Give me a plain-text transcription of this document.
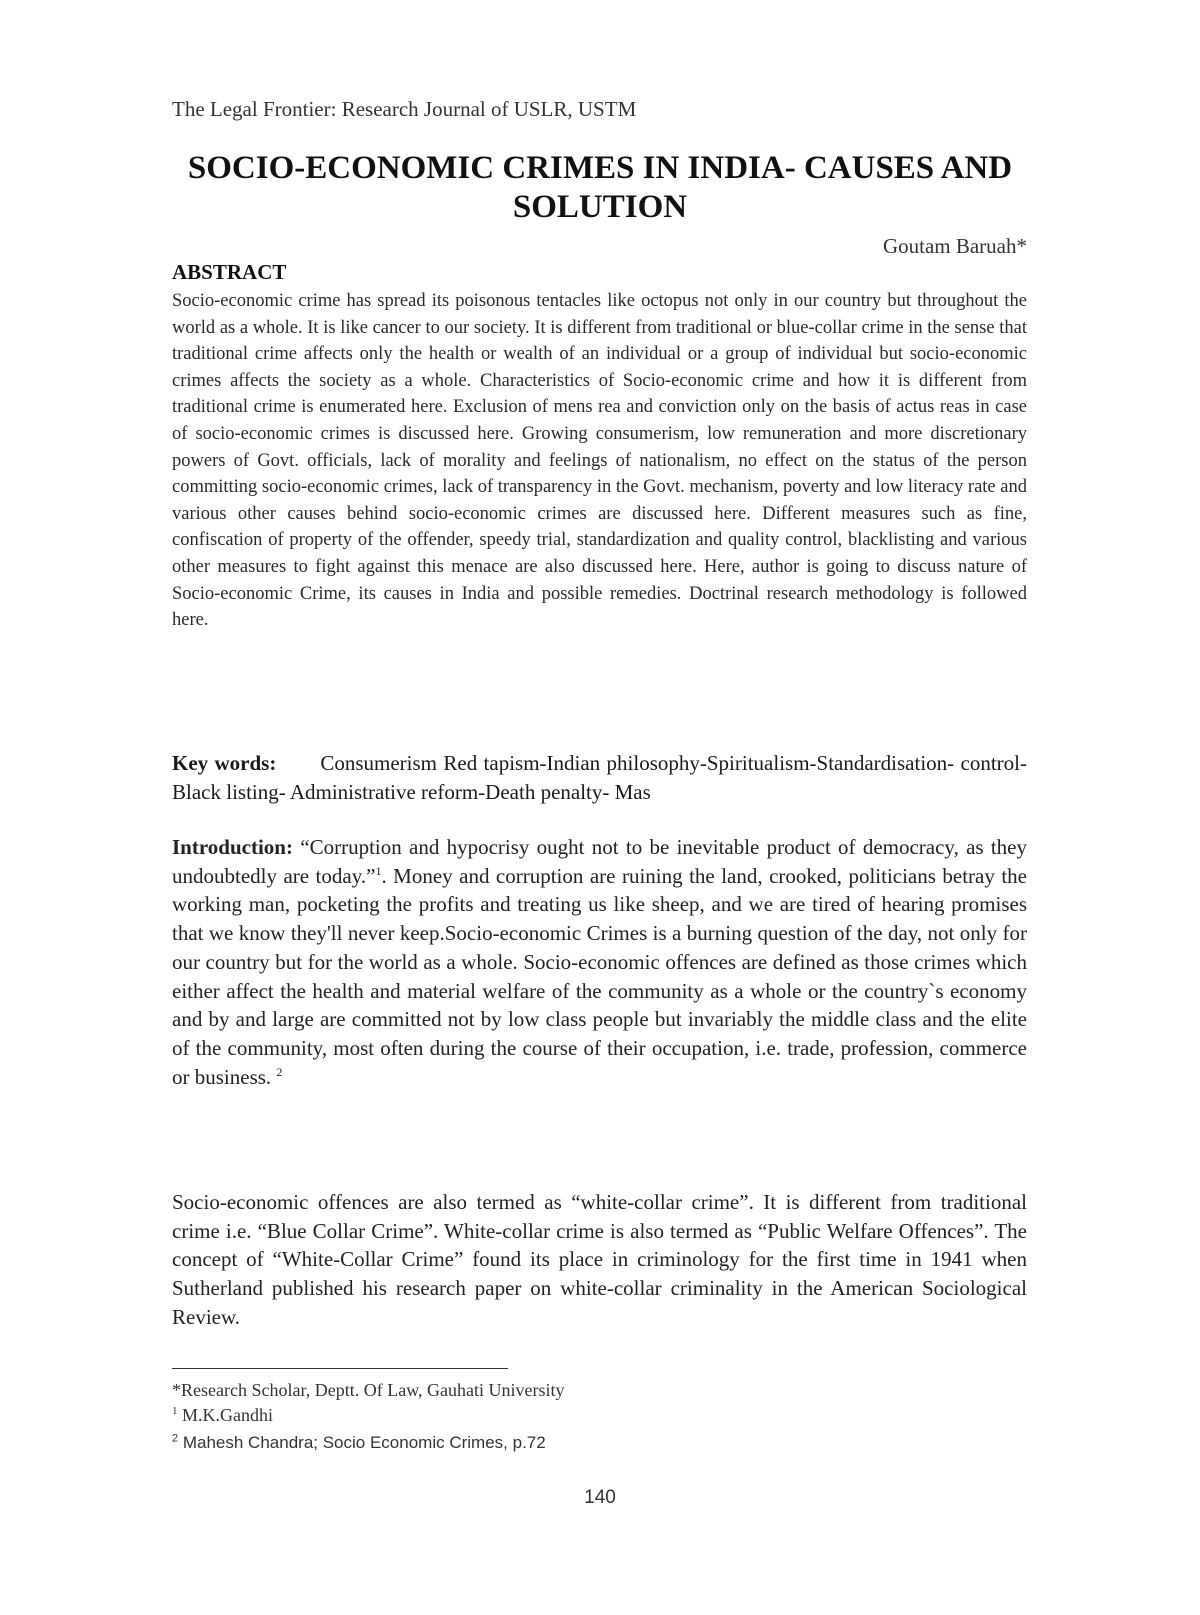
The Legal Frontier: Research Journal of USLR, USTM
SOCIO-ECONOMIC CRIMES IN INDIA- CAUSES AND SOLUTION
Goutam Baruah*
ABSTRACT

Socio-economic crime has spread its poisonous tentacles like octopus not only in our country but throughout the world as a whole. It is like cancer to our society. It is different from traditional or blue-collar crime in the sense that traditional crime affects only the health or wealth of an individual or a group of individual but socio-economic crimes affects the society as a whole. Characteristics of Socio-economic crime and how it is different from traditional crime is enumerated here. Exclusion of mens rea and conviction only on the basis of actus reas in case of socio-economic crimes is discussed here. Growing consumerism, low remuneration and more discretionary powers of Govt. officials, lack of morality and feelings of nationalism, no effect on the status of the person committing socio-economic crimes, lack of transparency in the Govt. mechanism, poverty and low literacy rate and various other causes behind socio-economic crimes are discussed here. Different measures such as fine, confiscation of property of the offender, speedy trial, standardization and quality control, blacklisting and various other measures to fight against this menace are also discussed here. Here, author is going to discuss nature of Socio-economic Crime, its causes in India and possible remedies. Doctrinal research methodology is followed here.

Key words: Consumerism Red tapism-Indian philosophy-Spiritualism-Standardisation- control-Black listing- Administrative reform-Death penalty- Mas

Introduction: “Corruption and hypocrisy ought not to be inevitable product of democracy, as they undoubtedly are today.”$^1$. Money and corruption are ruining the land, crooked, politicians betray the working man, pocketing the profits and treating us like sheep, and we are tired of hearing promises that we know they'll never keep.Socio-economic Crimes is a burning question of the day, not only for our country but for the world as a whole. Socio-economic offences are defined as those crimes which either affect the health and material welfare of the community as a whole or the country`s economy and by and large are committed not by low class people but invariably the middle class and the elite of the community, most often during the course of their occupation, i.e. trade, profession, commerce or business. $^2$

Socio-economic offences are also termed as “white-collar crime”. It is different from traditional crime i.e. “Blue Collar Crime”. White-collar crime is also termed as “Public Welfare Offences”. The concept of “White-Collar Crime” found its place in criminology for the first time in 1941 when Sutherland published his research paper on white-collar criminality in the American Sociological Review.

*Research Scholar, Deptt. Of Law, Gauhati University
$^1$ M.K.Gandhi
$^2$ Mahesh Chandra; Socio Economic Crimes, p.72
140
